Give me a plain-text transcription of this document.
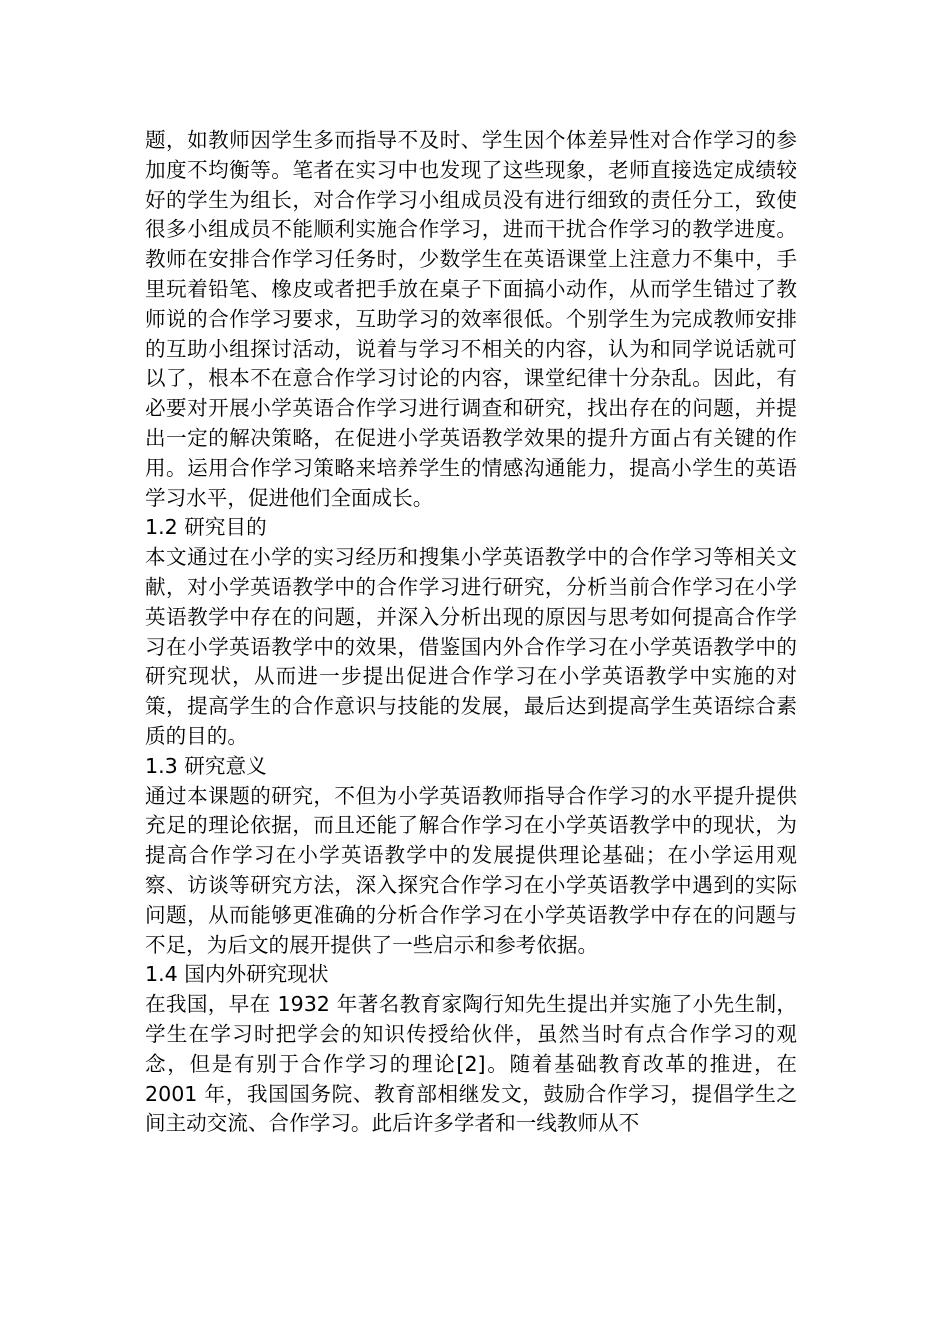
题，如教师因学生多而指导不及时、学生因个体差异性对合作学习的参加度不均衡等。笔者在实习中也发现了这些现象，老师直接选定成绩较好的学生为组长，对合作学习小组成员没有进行细致的责任分工，致使很多小组成员不能顺利实施合作学习，进而干扰合作学习的教学进度。教师在安排合作学习任务时，少数学生在英语课堂上注意力不集中，手里玩着铅笔、橡皮或者把手放在桌子下面搞小动作，从而学生错过了教师说的合作学习要求，互助学习的效率很低。个别学生为完成教师安排的互助小组探讨活动，说着与学习不相关的内容，认为和同学说话就可以了，根本不在意合作学习讨论的内容，课堂纪律十分杂乱。因此，有必要对开展小学英语合作学习进行调查和研究，找出存在的问题，并提出一定的解决策略，在促进小学英语教学效果的提升方面占有关键的作用。运用合作学习策略来培养学生的情感沟通能力，提高小学生的英语学习水平，促进他们全面成长。

1.2 研究目的

本文通过在小学的实习经历和搜集小学英语教学中的合作学习等相关文献，对小学英语教学中的合作学习进行研究，分析当前合作学习在小学英语教学中存在的问题，并深入分析出现的原因与思考如何提高合作学习在小学英语教学中的效果，借鉴国内外合作学习在小学英语教学中的研究现状，从而进一步提出促进合作学习在小学英语教学中实施的对策，提高学生的合作意识与技能的发展，最后达到提高学生英语综合素质的目的。

1.3 研究意义

通过本课题的研究，不但为小学英语教师指导合作学习的水平提升提供充足的理论依据，而且还能了解合作学习在小学英语教学中的现状，为提高合作学习在小学英语教学中的发展提供理论基础；在小学运用观察、访谈等研究方法，深入探究合作学习在小学英语教学中遇到的实际问题，从而能够更准确的分析合作学习在小学英语教学中存在的问题与不足，为后文的展开提供了一些启示和参考依据。

1.4 国内外研究现状

在我国，早在 1932 年著名教育家陶行知先生提出并实施了小先生制，学生在学习时把学会的知识传授给伙伴，虽然当时有点合作学习的观念，但是有别于合作学习的理论[2]。随着基础教育改革的推进，在 2001 年，我国国务院、教育部相继发文，鼓励合作学习，提倡学生之间主动交流、合作学习。此后许多学者和一线教师从不
